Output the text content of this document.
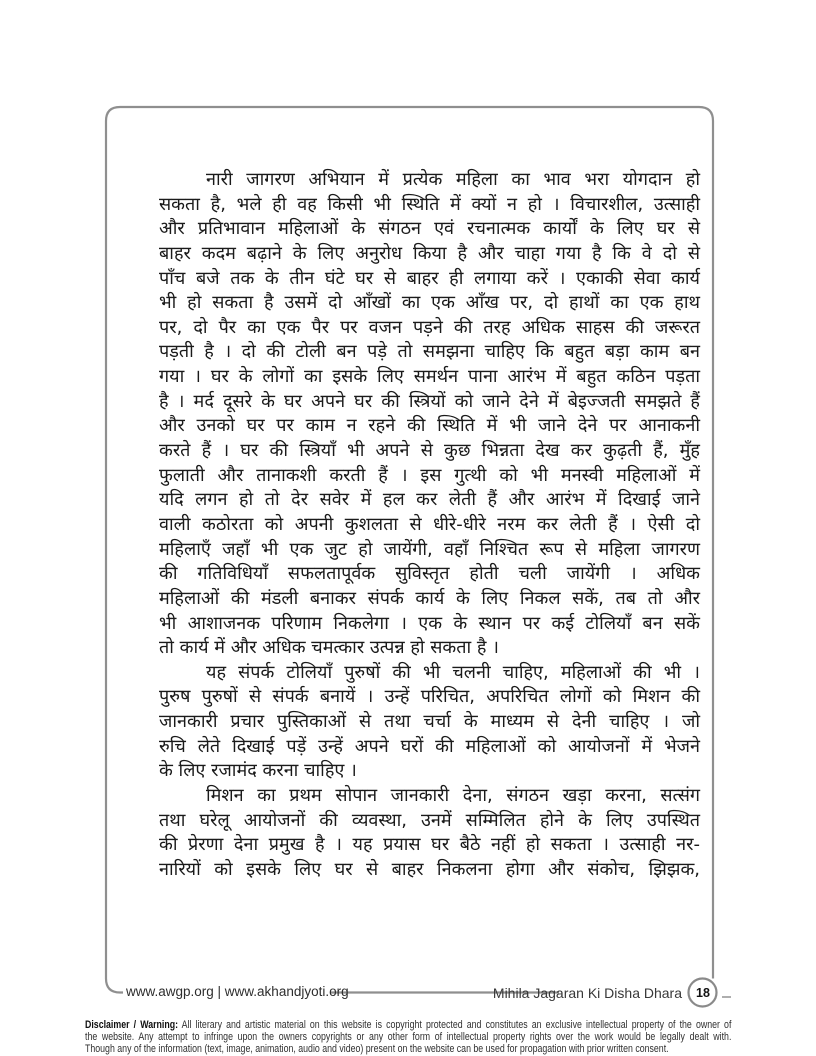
नारी जागरण अभियान में प्रत्येक महिला का भाव भरा योगदान हो
सकता है, भले ही वह किसी भी स्थिति में क्यों न हो । विचारशील, उत्साही
और प्रतिभावान महिलाओं के संगठन एवं रचनात्मक कार्यों के लिए घर से
बाहर कदम बढ़ाने के लिए अनुरोध किया है और चाहा गया है कि वे दो से
पाँच बजे तक के तीन घंटे घर से बाहर ही लगाया करें । एकाकी सेवा कार्य
भी हो सकता है उसमें दो आँखों का एक आँख पर, दो हाथों का एक हाथ
पर, दो पैर का एक पैर पर वजन पड़ने की तरह अधिक साहस की जरूरत
पड़ती है । दो की टोली बन पड़े तो समझना चाहिए कि बहुत बड़ा काम बन
गया । घर के लोगों का इसके लिए समर्थन पाना आरंभ में बहुत कठिन पड़ता
है । मर्द दूसरे के घर अपने घर की स्त्रियों को जाने देने में बेइज्जती समझते हैं
और उनको घर पर काम न रहने की स्थिति में भी जाने देने पर आनाकनी
करते हैं । घर की स्त्रियाँ भी अपने से कुछ भिन्नता देख कर कुढ़ती हैं, मुँह
फुलाती और तानाकशी करती हैं । इस गुत्थी को भी मनस्वी महिलाओं में
यदि लगन हो तो देर सवेर में हल कर लेती हैं और आरंभ में दिखाई जाने
वाली कठोरता को अपनी कुशलता से धीरे-धीरे नरम कर लेती हैं । ऐसी दो
महिलाएँ जहाँ भी एक जुट हो जायेंगी, वहाँ निश्चित रूप से महिला जागरण
की गतिविधियाँ सफलतापूर्वक सुविस्तृत होती चली जायेंगी । अधिक
महिलाओं की मंडली बनाकर संपर्क कार्य के लिए निकल सकें, तब तो और
भी आशाजनक परिणाम निकलेगा । एक के स्थान पर कई टोलियाँ बन सकें
तो कार्य में और अधिक चमत्कार उत्पन्न हो सकता है ।
यह संपर्क टोलियाँ पुरुषों की भी चलनी चाहिए, महिलाओं की भी ।
पुरुष पुरुषों से संपर्क बनायें । उन्हें परिचित, अपरिचित लोगों को मिशन की
जानकारी प्रचार पुस्तिकाओं से तथा चर्चा के माध्यम से देनी चाहिए । जो
रुचि लेते दिखाई पड़ें उन्हें अपने घरों की महिलाओं को आयोजनों में भेजने
के लिए रजामंद करना चाहिए ।
मिशन का प्रथम सोपान जानकारी देना, संगठन खड़ा करना, सत्संग
तथा घरेलू आयोजनों की व्यवस्था, उनमें सम्मिलित होने के लिए उपस्थित
की प्रेरणा देना प्रमुख है । यह प्रयास घर बैठे नहीं हो सकता । उत्साही नर-
नारियों को इसके लिए घर से बाहर निकलना होगा और संकोच, झिझक,
www.awgp.org | www.akhandjyoti.org	Mihila Jagaran Ki Disha Dhara	18
Disclaimer / Warning: All literary and artistic material on this website is copyright protected and constitutes an exclusive intellectual property of the owner of
the website. Any attempt to infringe upon the owners copyrights or any other form of intellectual property rights over the work would be legally dealt with.
Though any of the information (text, image, animation, audio and video) present on the website can be used for propagation with prior written consent.
